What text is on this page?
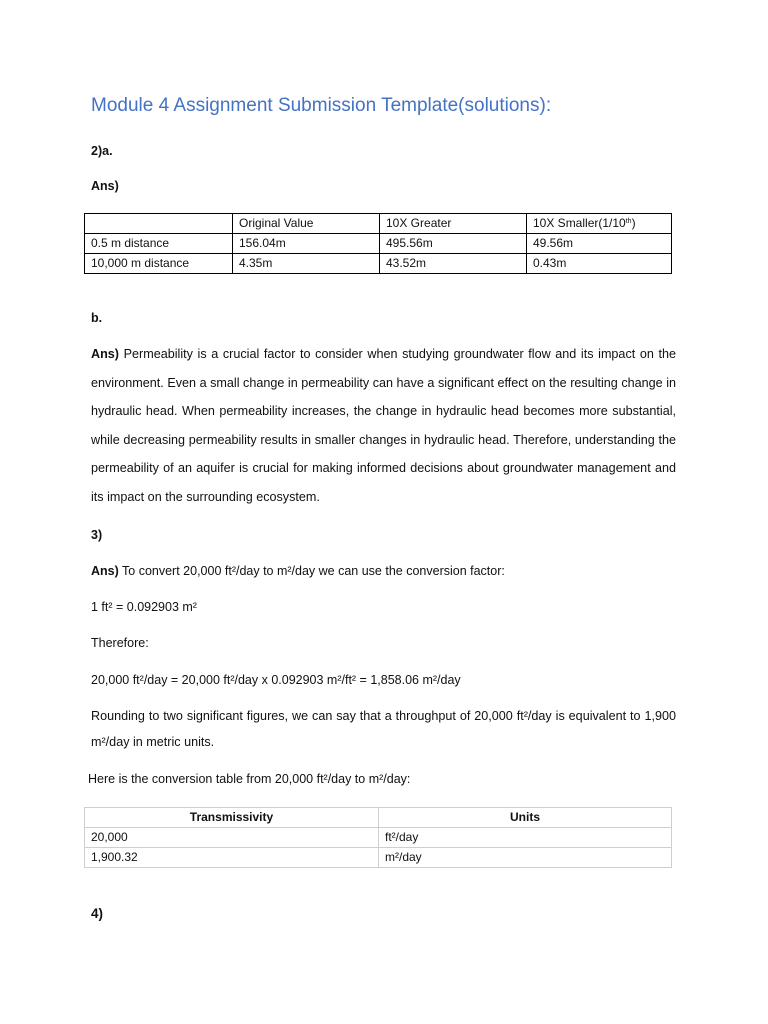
Module 4 Assignment Submission Template(solutions):
2)a.
Ans)
	Original Value	10X Greater	10X Smaller(1/10th)
0.5 m distance	156.04m	495.56m	49.56m
10,000 m distance	4.35m	43.52m	0.43m
b.
Ans) Permeability is a crucial factor to consider when studying groundwater flow and its impact on the environment. Even a small change in permeability can have a significant effect on the resulting change in hydraulic head. When permeability increases, the change in hydraulic head becomes more substantial, while decreasing permeability results in smaller changes in hydraulic head. Therefore, understanding the permeability of an aquifer is crucial for making informed decisions about groundwater management and its impact on the surrounding ecosystem.
3)
Ans) To convert 20,000 ft²/day to m²/day we can use the conversion factor:
1 ft² = 0.092903 m²
Therefore:
20,000 ft²/day = 20,000 ft²/day x 0.092903 m²/ft² = 1,858.06 m²/day
Rounding to two significant figures, we can say that a throughput of 20,000 ft²/day is equivalent to 1,900 m²/day in metric units.
Here is the conversion table from 20,000 ft²/day to m²/day:
Transmissivity	Units
20,000	ft²/day
1,900.32	m²/day
4)
